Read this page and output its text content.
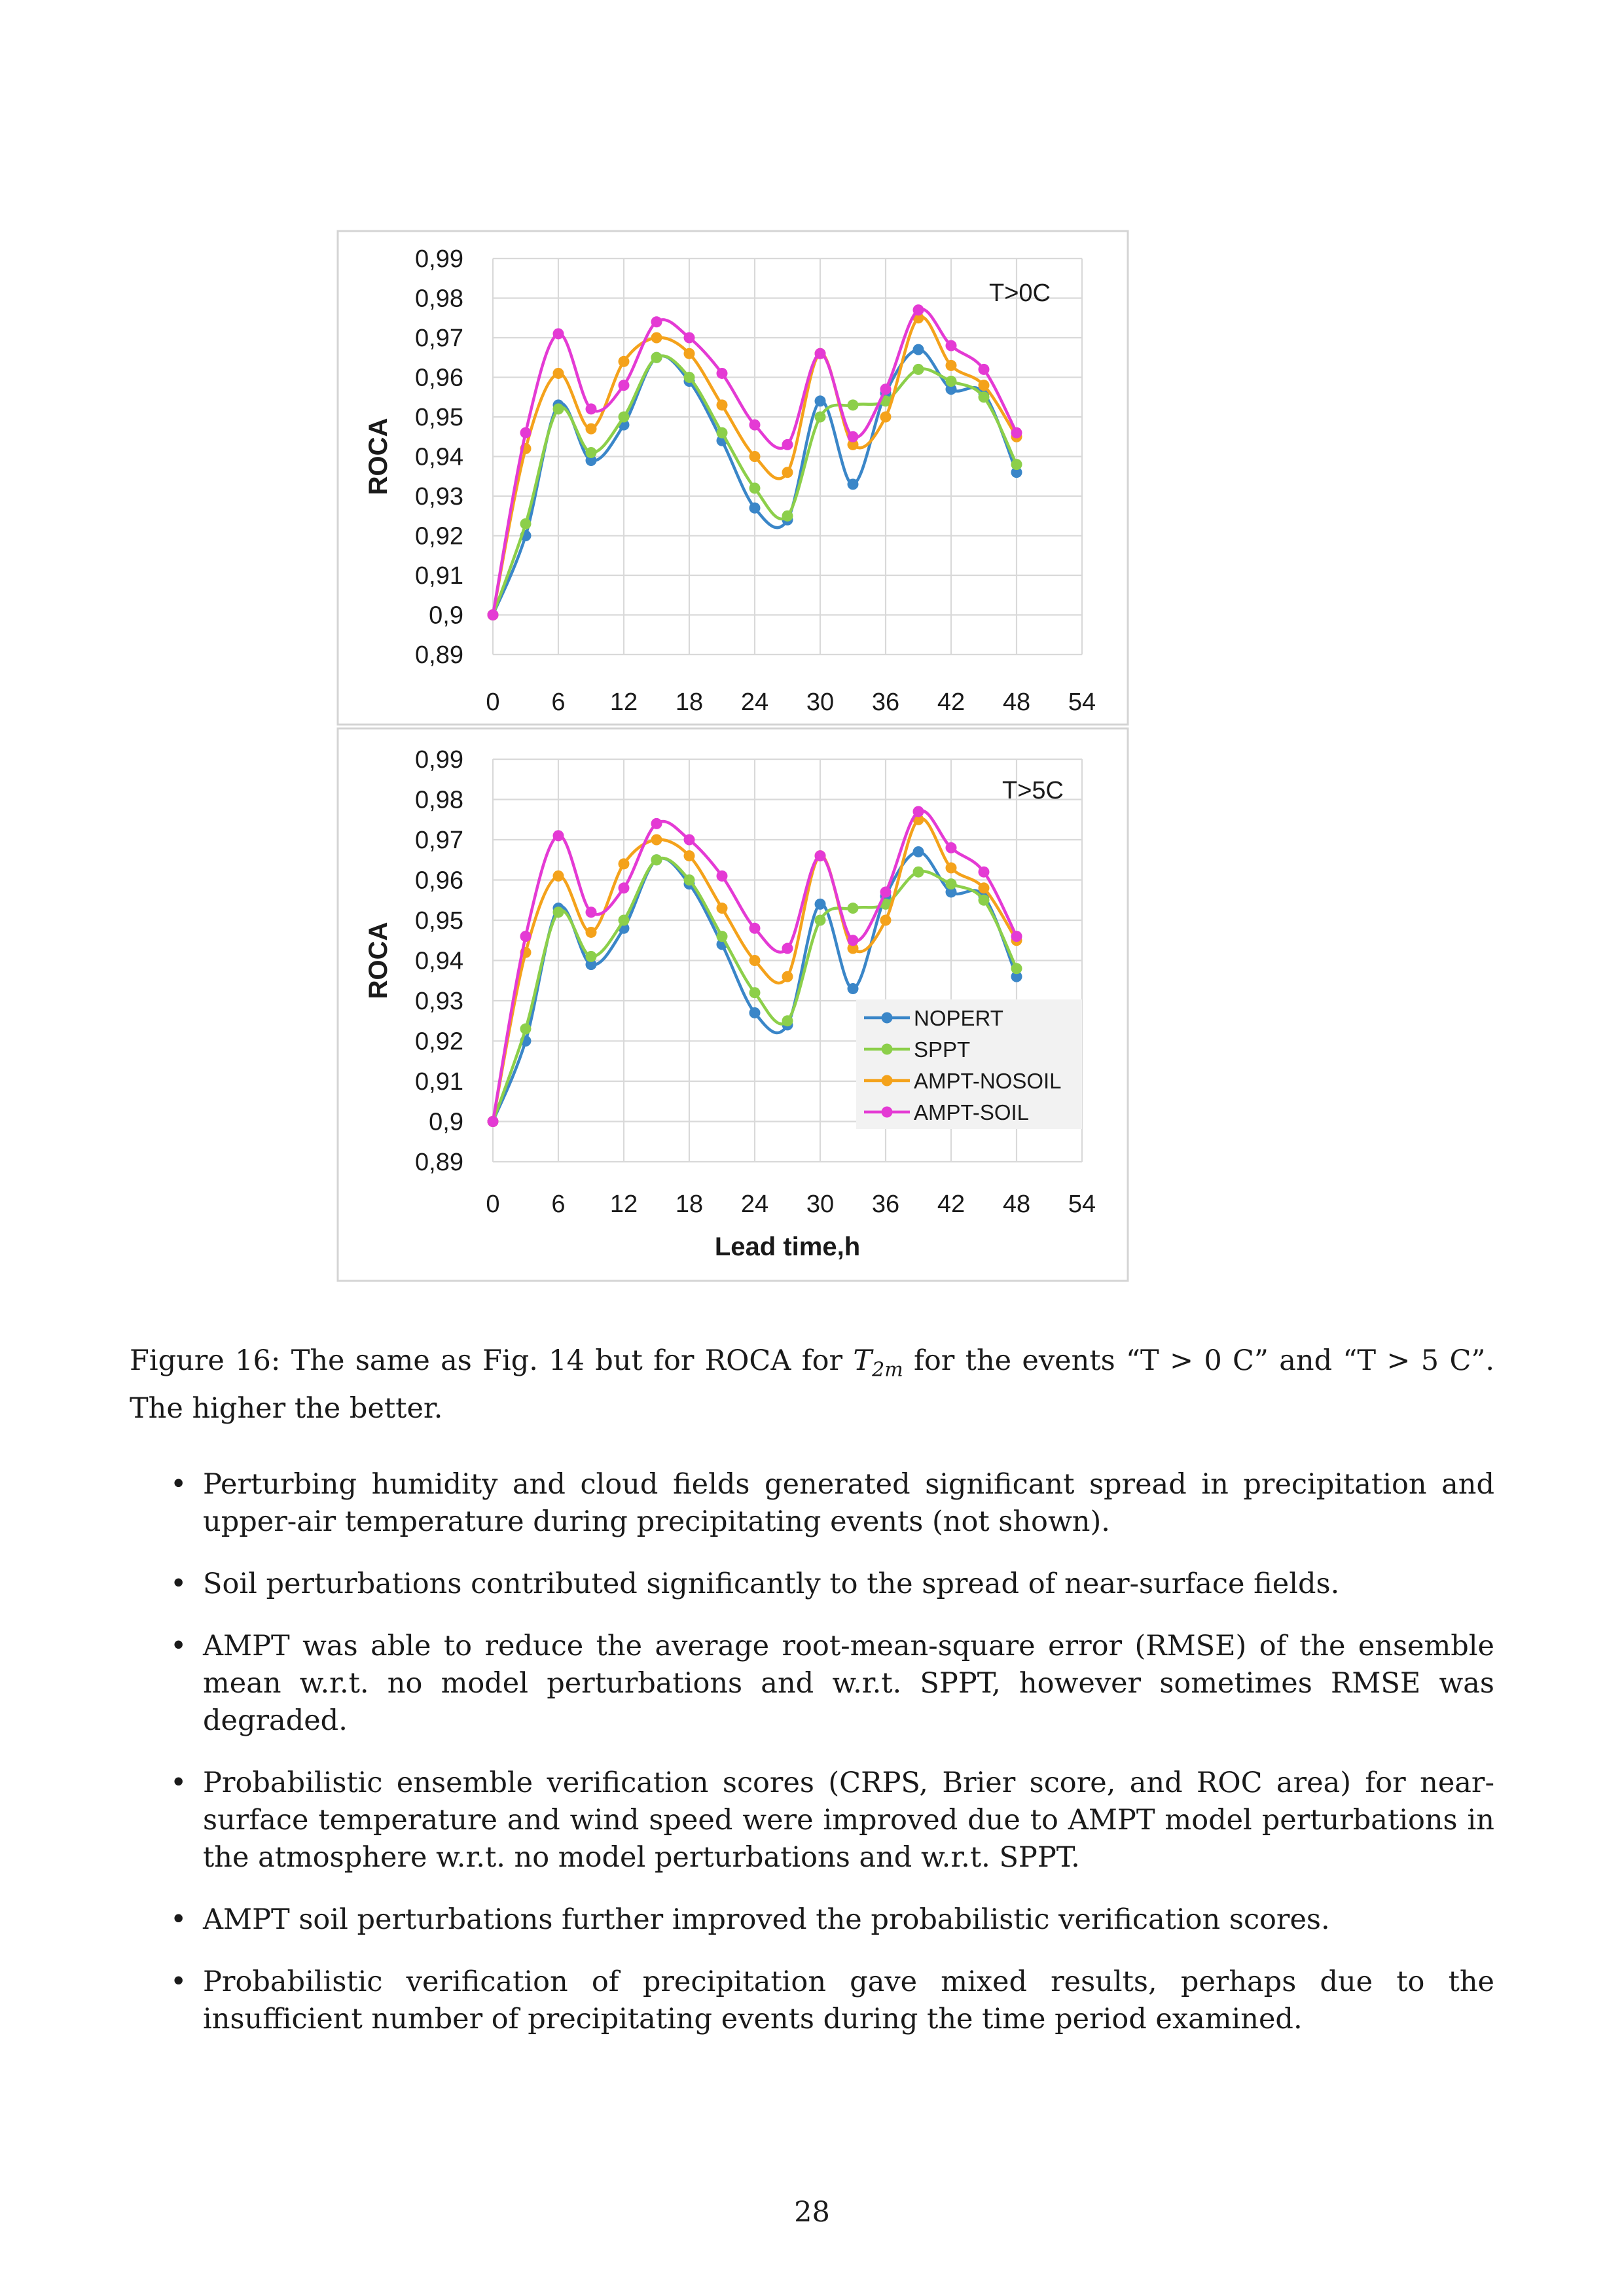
0,99
0,98
0,97
0,96
0,95
0,94
0,93
0,92
0,91
0,9
0,89
0 6 12 18 24 30 36 42 48 54
ROCA
T>0C
0,99
0,98
0,97
0,96
0,95
0,94
0,93
0,92
0,91
0,9
0,89
0 6 12 18 24 30 36 42 48 54
ROCA
Lead time,h
T>5C
NOPERT
SPPT
AMPT-NOSOIL
AMPT-SOIL
Figure 16: The same as Fig. 14 but for ROCA for $T_{2m}$ for the events “T > 0 C” and “T > 5 C”. The higher the better.
• Perturbing humidity and cloud fields generated significant spread in precipitation and upper-air temperature during precipitating events (not shown).
• Soil perturbations contributed significantly to the spread of near-surface fields.
• AMPT was able to reduce the average root-mean-square error (RMSE) of the ensemble mean w.r.t. no model perturbations and w.r.t. SPPT, however sometimes RMSE was degraded.
• Probabilistic ensemble verification scores (CRPS, Brier score, and ROC area) for near-surface temperature and wind speed were improved due to AMPT model perturbations in the atmosphere w.r.t. no model perturbations and w.r.t. SPPT.
• AMPT soil perturbations further improved the probabilistic verification scores.
• Probabilistic verification of precipitation gave mixed results, perhaps due to the insufficient number of precipitating events during the time period examined.
28
